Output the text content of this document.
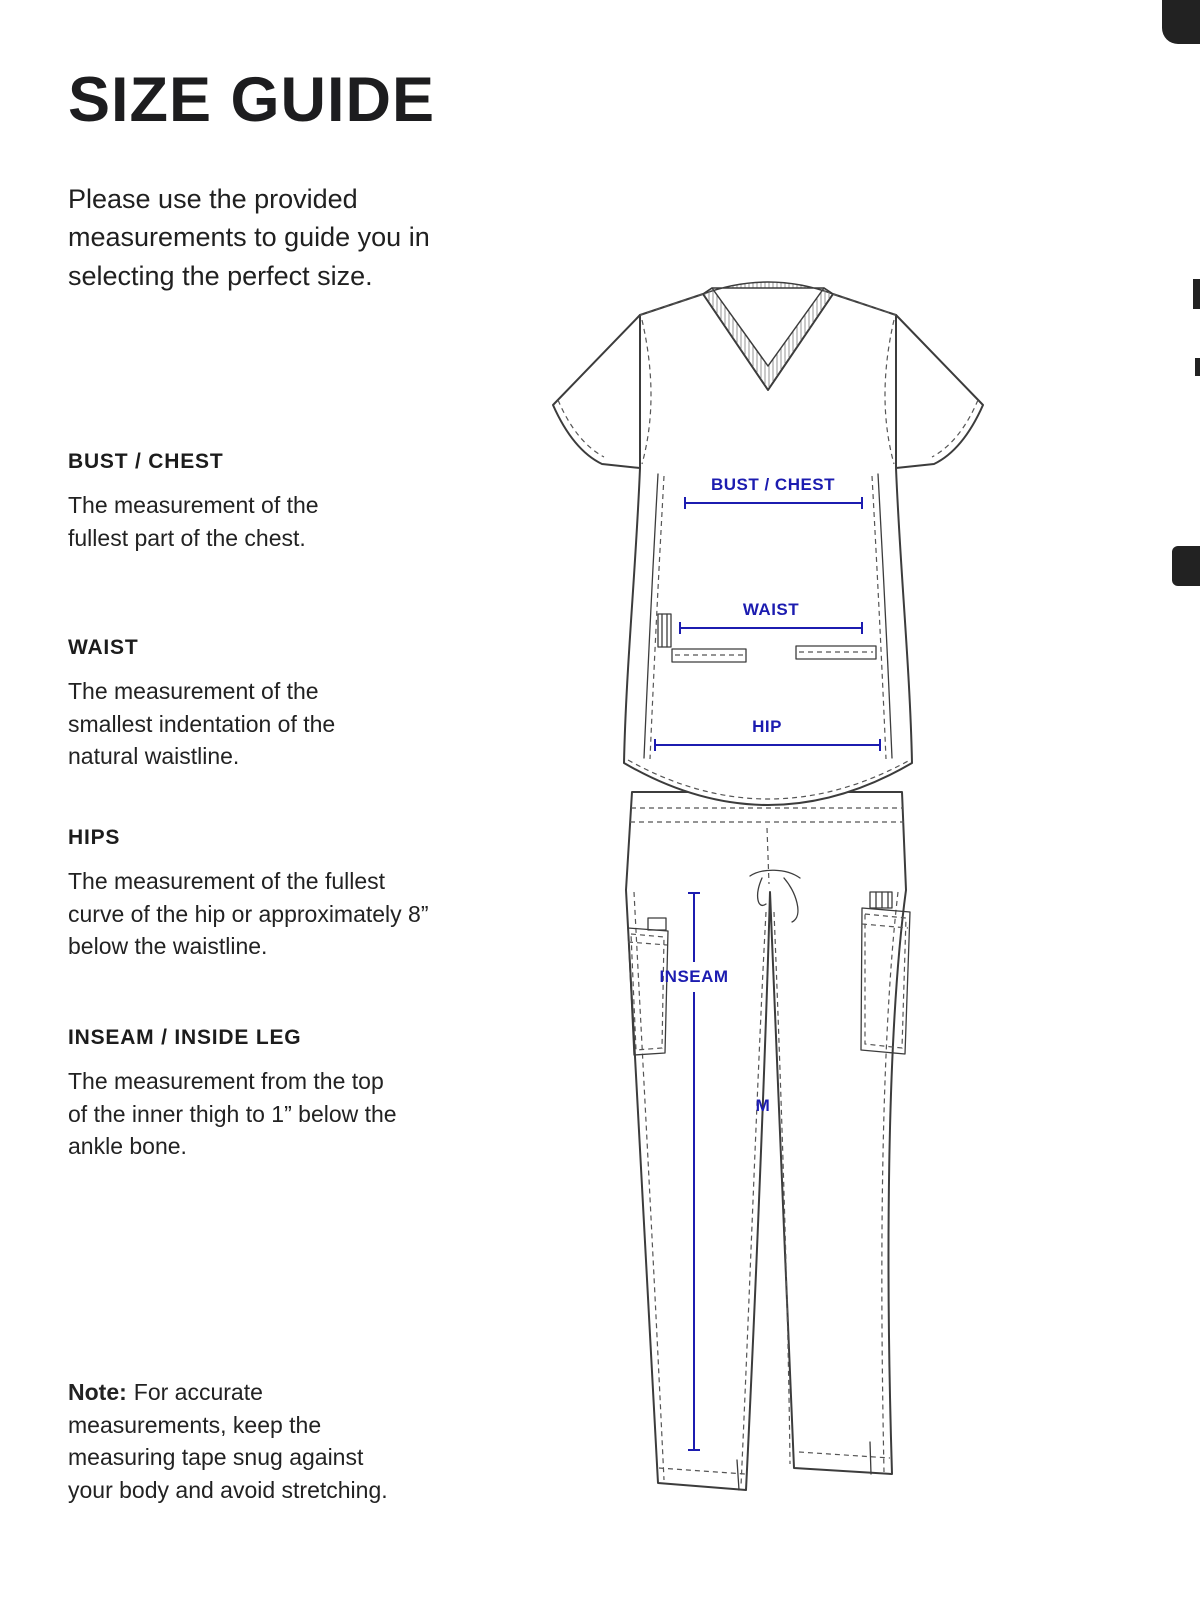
SIZE GUIDE
Please use the provided measurements to guide you in selecting the perfect size.
BUST / CHEST

The measurement of the fullest part of the chest.

WAIST

The measurement of the smallest indentation of the natural waistline.

HIPS

The measurement of the fullest curve of the hip or approximately 8” below the waistline.

INSEAM / INSIDE LEG

The measurement from the top of the inner thigh to 1” below the ankle bone.

Note: For accurate measurements, keep the measuring tape snug against your body and avoid stretching.
BUST / CHEST
WAIST
HIP
INSEAM
M
